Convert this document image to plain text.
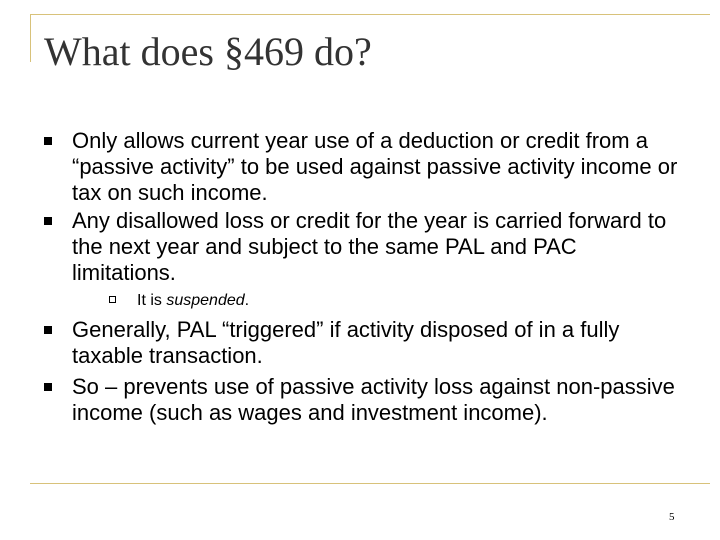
What does §469 do?
Only allows current year use of a deduction or credit from a “passive activity” to be used against passive activity income or tax on such income.
Any disallowed loss or credit for the year is carried forward to the next year and subject to the same PAL and PAC limitations.
It is suspended.
Generally, PAL “triggered” if activity disposed of in a fully taxable transaction.
So – prevents use of passive activity loss against non-passive income (such as wages and investment income).
5
